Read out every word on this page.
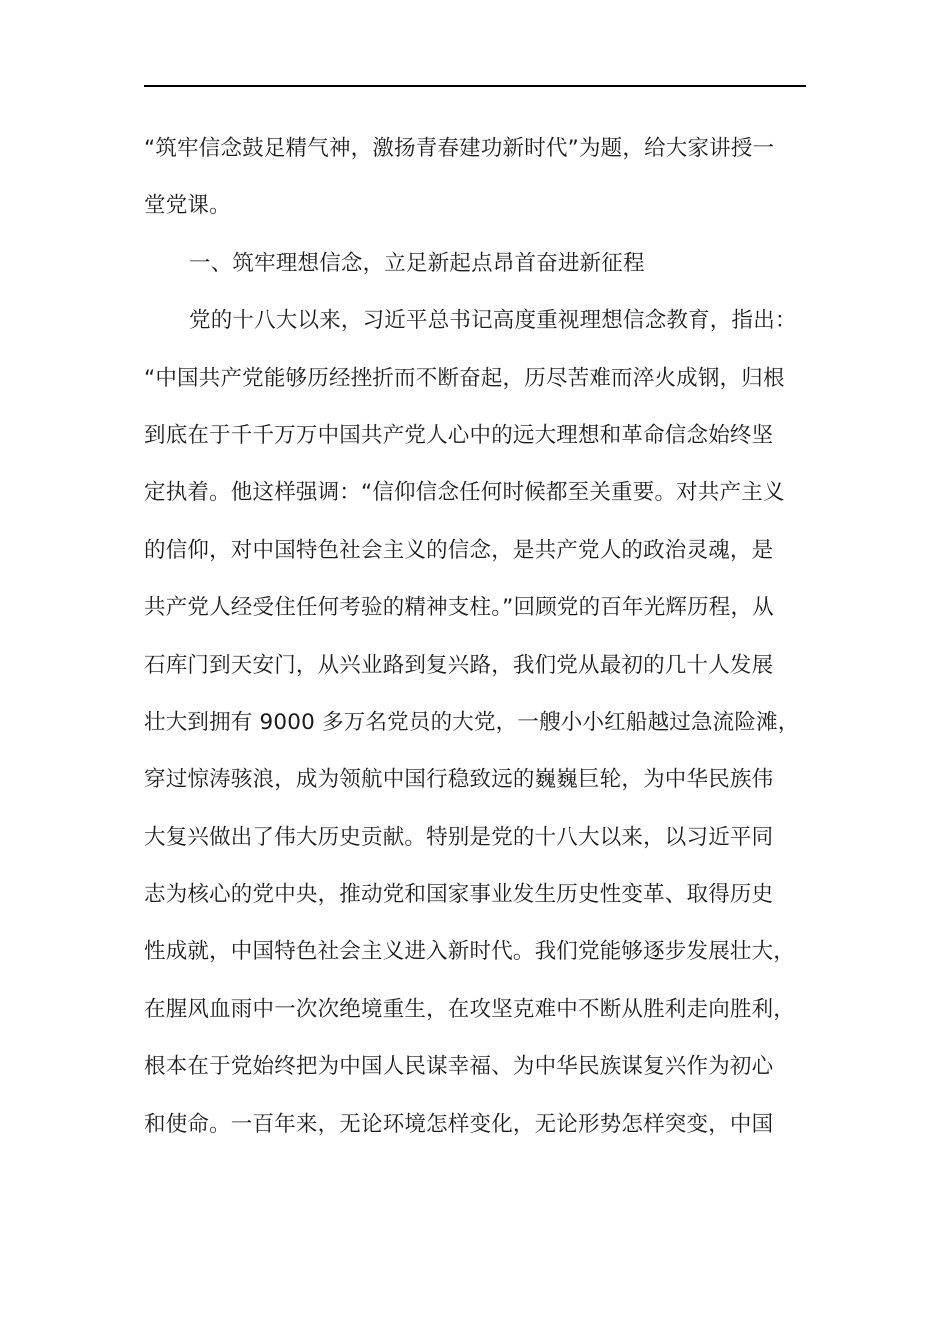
“筑牢信念鼓足精气神，激扬青春建功新时代”为题，给大家讲授一
堂党课。
一、筑牢理想信念，立足新起点昂首奋进新征程
党的十八大以来，习近平总书记高度重视理想信念教育，指出：
“中国共产党能够历经挫折而不断奋起，历尽苦难而淬火成钢，归根
到底在于千千万万中国共产党人心中的远大理想和革命信念始终坚
定执着。他这样强调：“信仰信念任何时候都至关重要。对共产主义
的信仰，对中国特色社会主义的信念，是共产党人的政治灵魂，是
共产党人经受住任何考验的精神支柱。”回顾党的百年光辉历程，从
石库门到天安门，从兴业路到复兴路，我们党从最初的几十人发展
壮大到拥有 9000 多万名党员的大党，一艘小小红船越过急流险滩，
穿过惊涛骇浪，成为领航中国行稳致远的巍巍巨轮，为中华民族伟
大复兴做出了伟大历史贡献。特别是党的十八大以来，以习近平同
志为核心的党中央，推动党和国家事业发生历史性变革、取得历史
性成就，中国特色社会主义进入新时代。我们党能够逐步发展壮大，
在腥风血雨中一次次绝境重生，在攻坚克难中不断从胜利走向胜利，
根本在于党始终把为中国人民谋幸福、为中华民族谋复兴作为初心
和使命。一百年来，无论环境怎样变化，无论形势怎样突变，中国
